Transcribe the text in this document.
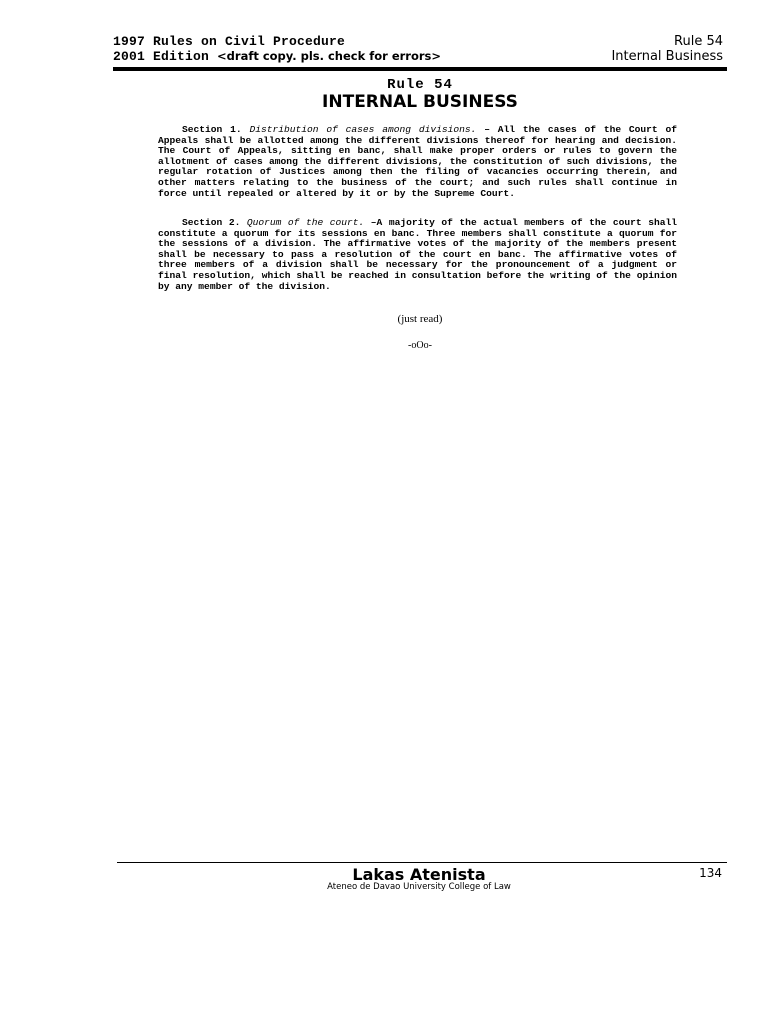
1997 Rules on Civil Procedure
2001 Edition <draft copy. pls. check for errors>
Rule 54
Internal Business
Rule 54
INTERNAL BUSINESS

Section 1. Distribution of cases among divisions. – All the cases of the Court of Appeals shall be allotted among the different divisions thereof for hearing and decision. The Court of Appeals, sitting en banc, shall make proper orders or rules to govern the allotment of cases among the different divisions, the constitution of such divisions, the regular rotation of Justices among then the filing of vacancies occurring therein, and other matters relating to the business of the court; and such rules shall continue in force until repealed or altered by it or by the Supreme Court.

Section 2. Quorum of the court. –A majority of the actual members of the court shall constitute a quorum for its sessions en banc. Three members shall constitute a quorum for the sessions of a division. The affirmative votes of the majority of the members present shall be necessary to pass a resolution of the court en banc. The affirmative votes of three members of a division shall be necessary for the pronouncement of a judgment or final resolution, which shall be reached in consultation before the writing of the opinion by any member of the division.

(just read)
-oOo-
Lakas Atenista
Ateneo de Davao University College of Law
134
